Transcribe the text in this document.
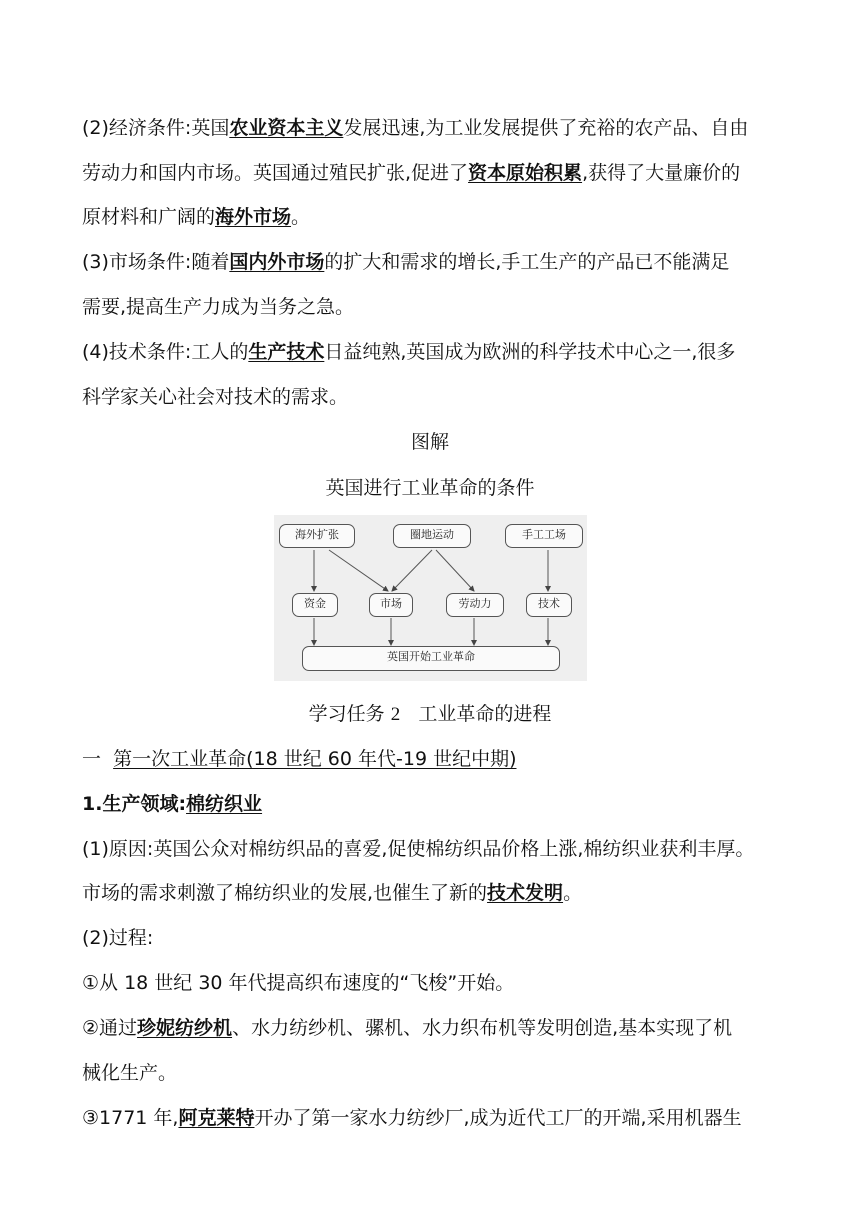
(2)经济条件:英国农业资本主义发展迅速,为工业发展提供了充裕的农产品、自由
劳动力和国内市场。英国通过殖民扩张,促进了资本原始积累,获得了大量廉价的
原材料和广阔的海外市场。
(3)市场条件:随着国内外市场的扩大和需求的增长,手工生产的产品已不能满足
需要,提高生产力成为当务之急。
(4)技术条件:工人的生产技术日益纯熟,英国成为欧洲的科学技术中心之一,很多
科学家关心社会对技术的需求。
图解
英国进行工业革命的条件
海外扩张	圈地运动	手工工场
资金	市场	劳动力	技术
英国开始工业革命
学习任务 2 工业革命的进程
一 第一次工业革命(18 世纪 60 年代-19 世纪中期)
1.生产领域:棉纺织业
(1)原因:英国公众对棉纺织品的喜爱,促使棉纺织品价格上涨,棉纺织业获利丰厚。
市场的需求刺激了棉纺织业的发展,也催生了新的技术发明。
(2)过程:
①从 18 世纪 30 年代提高织布速度的“飞梭”开始。
②通过珍妮纺纱机、水力纺纱机、骡机、水力织布机等发明创造,基本实现了机
械化生产。
③1771 年,阿克莱特开办了第一家水力纺纱厂,成为近代工厂的开端,采用机器生
